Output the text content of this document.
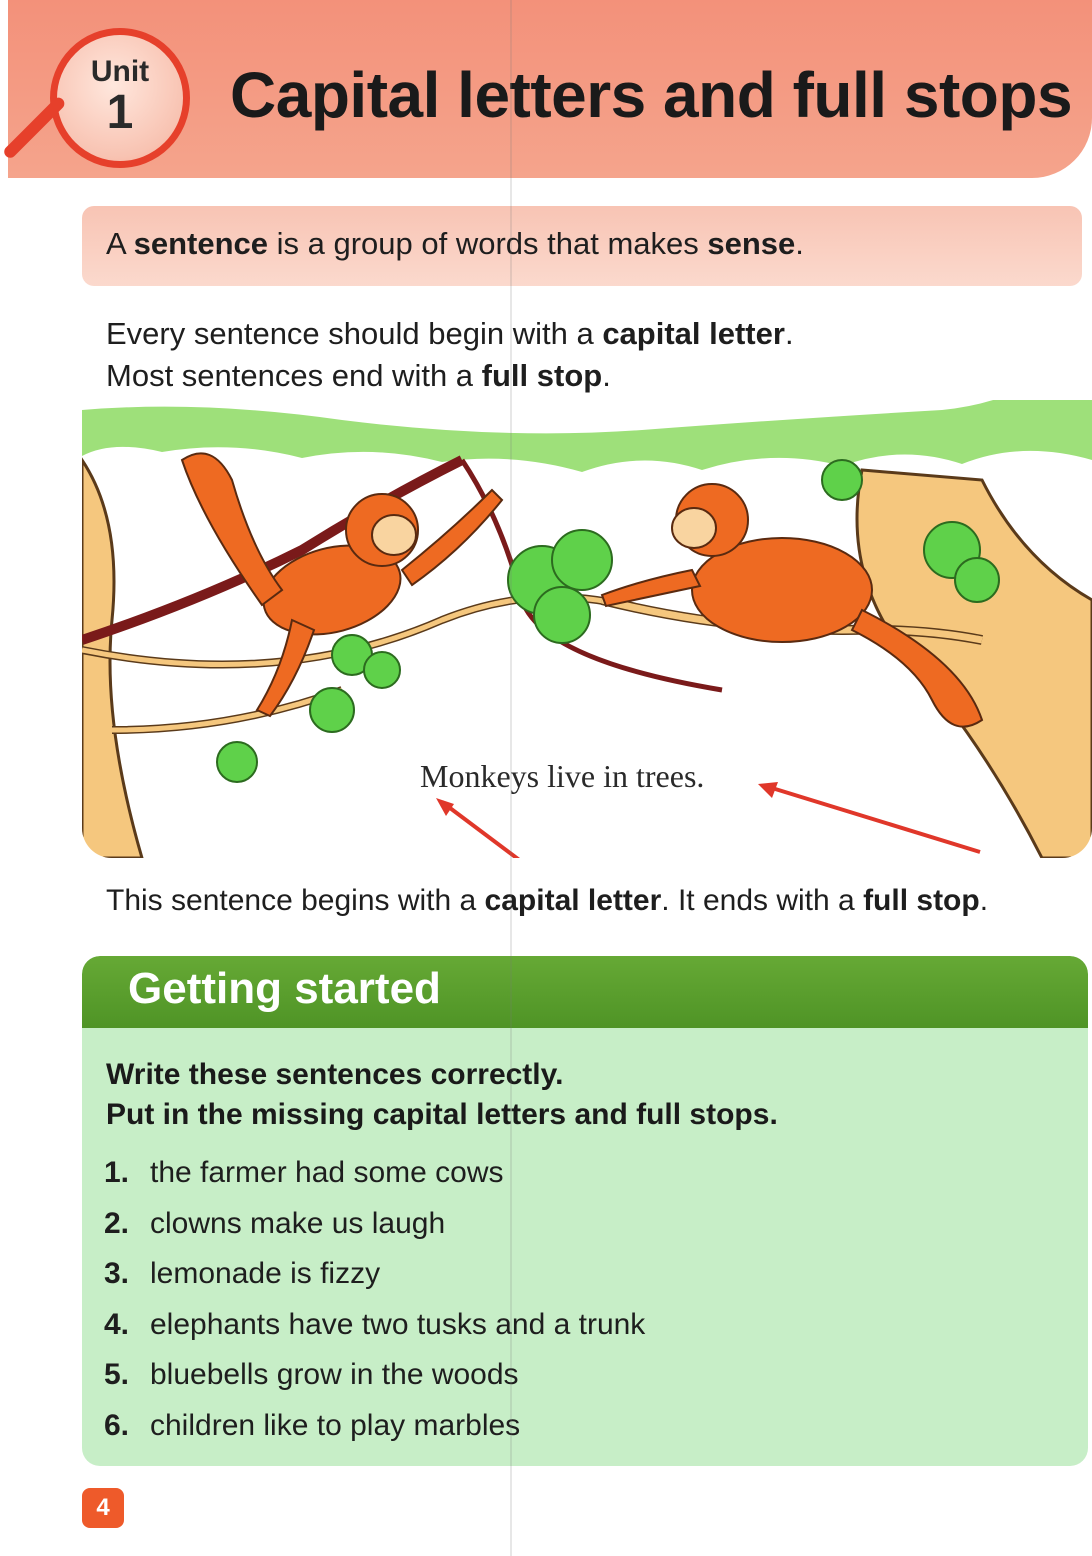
Unit
1	Capital letters and full stops

A sentence is a group of words that makes sense.

Every sentence should begin with a capital letter.

Most sentences end with a full stop.

Monkeys live in trees.

This sentence begins with a capital letter. It ends with a full stop.

Getting started

Write these sentences correctly.

Put in the missing capital letters and full stops.

1. the farmer had some cows
2. clowns make us laugh
3. lemonade is fizzy
4. elephants have two tusks and a trunk
5. bluebells grow in the woods
6. children like to play marbles
4
